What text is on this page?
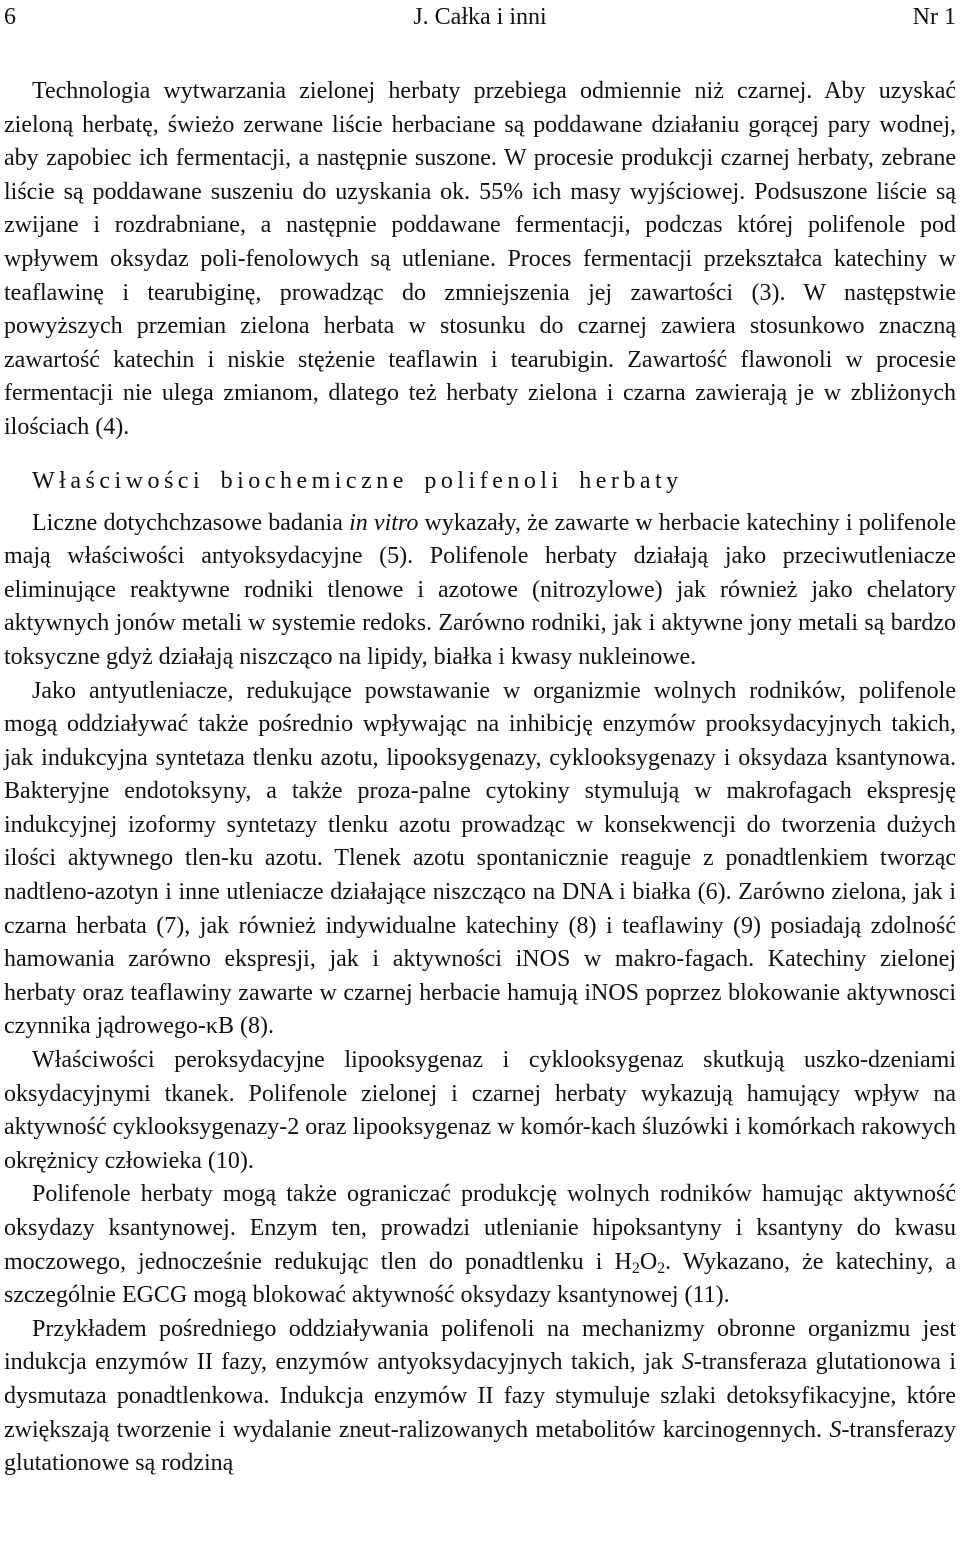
6	J. Całka i inni	Nr 1

Technologia wytwarzania zielonej herbaty przebiega odmiennie niż czarnej. Aby uzyskać zieloną herbatę, świeżo zerwane liście herbaciane są poddawane działaniu gorącej pary wodnej, aby zapobiec ich fermentacji, a następnie suszone. W procesie produkcji czarnej herbaty, zebrane liście są poddawane suszeniu do uzyskania ok. 55% ich masy wyjściowej. Podsuszone liście są zwijane i rozdrabniane, a następnie poddawane fermentacji, podczas której polifenole pod wpływem oksydaz poli-fenolowych są utleniane. Proces fermentacji przekształca katechiny w teaflawinę i tearubiginę, prowadząc do zmniejszenia jej zawartości (3). W następstwie powyższych przemian zielona herbata w stosunku do czarnej zawiera stosunkowo znaczną zawartość katechin i niskie stężenie teaflawin i tearubigin. Zawartość flawonoli w procesie fermentacji nie ulega zmianom, dlatego też herbaty zielona i czarna zawierają je w zbliżonych ilościach (4).

Właściwości biochemiczne polifenoli herbaty

Liczne dotychchzasowe badania in vitro wykazały, że zawarte w herbacie katechiny i polifenole mają właściwości antyoksydacyjne (5). Polifenole herbaty działają jako przeciwutleniacze eliminujące reaktywne rodniki tlenowe i azotowe (nitrozylowe) jak również jako chelatory aktywnych jonów metali w systemie redoks. Zarówno rodniki, jak i aktywne jony metali są bardzo toksyczne gdyż działają niszcząco na lipidy, białka i kwasy nukleinowe.

Jako antyutleniacze, redukujące powstawanie w organizmie wolnych rodników, polifenole mogą oddziaływać także pośrednio wpływając na inhibicję enzymów prooksydacyjnych takich, jak indukcyjna syntetaza tlenku azotu, lipooksygenazy, cyklooksygenazy i oksydaza ksantynowa. Bakteryjne endotoksyny, a także proza-palne cytokiny stymulują w makrofagach ekspresję indukcyjnej izoformy syntetazy tlenku azotu prowadząc w konsekwencji do tworzenia dużych ilości aktywnego tlen-ku azotu. Tlenek azotu spontanicznie reaguje z ponadtlenkiem tworząc nadtleno-azotyn i inne utleniacze działające niszcząco na DNA i białka (6). Zarówno zielona, jak i czarna herbata (7), jak również indywidualne katechiny (8) i teaflawiny (9) posiadają zdolność hamowania zarówno ekspresji, jak i aktywności iNOS w makro-fagach. Katechiny zielonej herbaty oraz teaflawiny zawarte w czarnej herbacie hamują iNOS poprzez blokowanie aktywnosci czynnika jądrowego-κB (8).

Właściwości peroksydacyjne lipooksygenaz i cyklooksygenaz skutkują uszko-dzeniami oksydacyjnymi tkanek. Polifenole zielonej i czarnej herbaty wykazują hamujący wpływ na aktywność cyklooksygenazy-2 oraz lipooksygenaz w komór-kach śluzówki i komórkach rakowych okrężnicy człowieka (10).

Polifenole herbaty mogą także ograniczać produkcję wolnych rodników hamując aktywność oksydazy ksantynowej. Enzym ten, prowadzi utlenianie hipoksantyny i ksantyny do kwasu moczowego, jednocześnie redukując tlen do ponadtlenku i $H_2O_2$. Wykazano, że katechiny, a szczególnie EGCG mogą blokować aktywność oksydazy ksantynowej (11).

Przykładem pośredniego oddziaływania polifenoli na mechanizmy obronne organizmu jest indukcja enzymów II fazy, enzymów antyoksydacyjnych takich, jak S-transferaza glutationowa i dysmutaza ponadtlenkowa. Indukcja enzymów II fazy stymuluje szlaki detoksyfikacyjne, które zwiększają tworzenie i wydalanie zneut-ralizowanych metabolitów karcinogennych. S-transferazy glutationowe są rodziną
